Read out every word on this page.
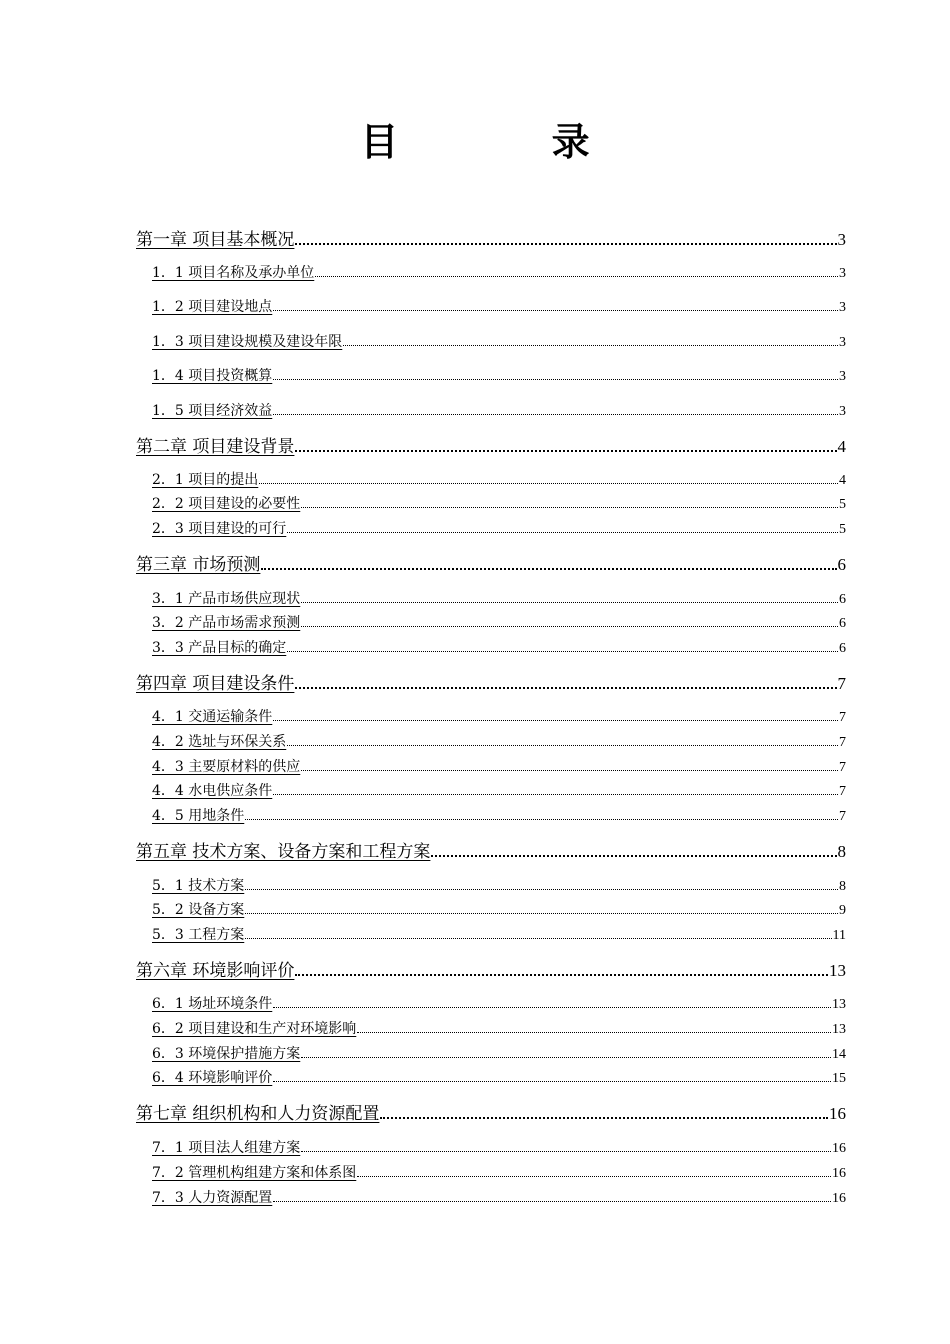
目 录
第一章 项目基本概况	3
1．1 项目名称及承办单位	3
1．2 项目建设地点	3
1．3 项目建设规模及建设年限	3
1．4 项目投资概算	3
1．5 项目经济效益	3
第二章 项目建设背景	4
2．1 项目的提出	4
2．2 项目建设的必要性	5
2．3 项目建设的可行	5
第三章 市场预测	6
3．1 产品市场供应现状	6
3．2 产品市场需求预测	6
3．3 产品目标的确定	6
第四章 项目建设条件	7
4．1 交通运输条件	7
4．2 选址与环保关系	7
4．3 主要原材料的供应	7
4．4 水电供应条件	7
4．5 用地条件	7
第五章 技术方案、设备方案和工程方案	8
5．1 技术方案	8
5．2 设备方案	9
5．3 工程方案	11
第六章 环境影响评价	13
6．1 场址环境条件	13
6．2 项目建设和生产对环境影响	13
6．3 环境保护措施方案	14
6．4 环境影响评价	15
第七章 组织机构和人力资源配置	16
7．1 项目法人组建方案	16
7．2 管理机构组建方案和体系图	16
7．3 人力资源配置	16
